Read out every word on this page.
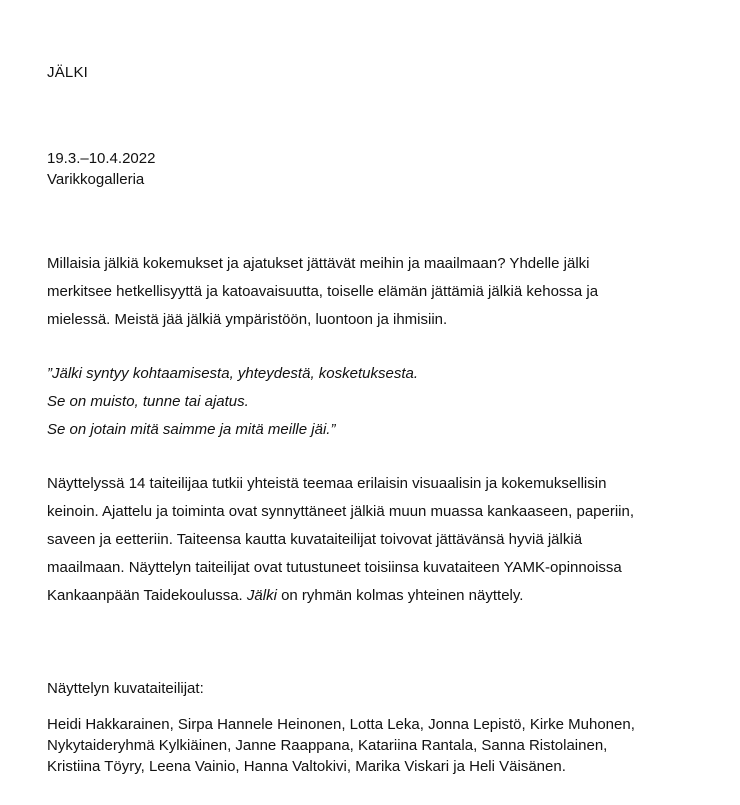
JÄLKI
19.3.–10.4.2022
Varikkogalleria

Millaisia jälkiä kokemukset ja ajatukset jättävät meihin ja maailmaan? Yhdelle jälki
merkitsee hetkellisyyttä ja katoavaisuutta, toiselle elämän jättämiä jälkiä kehossa ja
mielessä. Meistä jää jälkiä ympäristöön, luontoon ja ihmisiin.

”Jälki syntyy kohtaamisesta, yhteydestä, kosketuksesta.
Se on muisto, tunne tai ajatus.
Se on jotain mitä saimme ja mitä meille jäi.”

Näyttelyssä 14 taiteilijaa tutkii yhteistä teemaa erilaisin visuaalisin ja kokemuksellisin
keinoin. Ajattelu ja toiminta ovat synnyttäneet jälkiä muun muassa kankaaseen, paperiin,
saveen ja eetteriin. Taiteensa kautta kuvataiteilijat toivovat jättävänsä hyviä jälkiä
maailmaan. Näyttelyn taiteilijat ovat tutustuneet toisiinsa kuvataiteen YAMK-opinnoissa
Kankaanpään Taidekoulussa. Jälki on ryhmän kolmas yhteinen näyttely.

Näyttelyn kuvataiteilijat:

Heidi Hakkarainen, Sirpa Hannele Heinonen, Lotta Leka, Jonna Lepistö, Kirke Muhonen,
Nykytaideryhmä Kylkiäinen, Janne Raappana, Katariina Rantala, Sanna Ristolainen,
Kristiina Töyry, Leena Vainio, Hanna Valtokivi, Marika Viskari ja Heli Väisänen.
